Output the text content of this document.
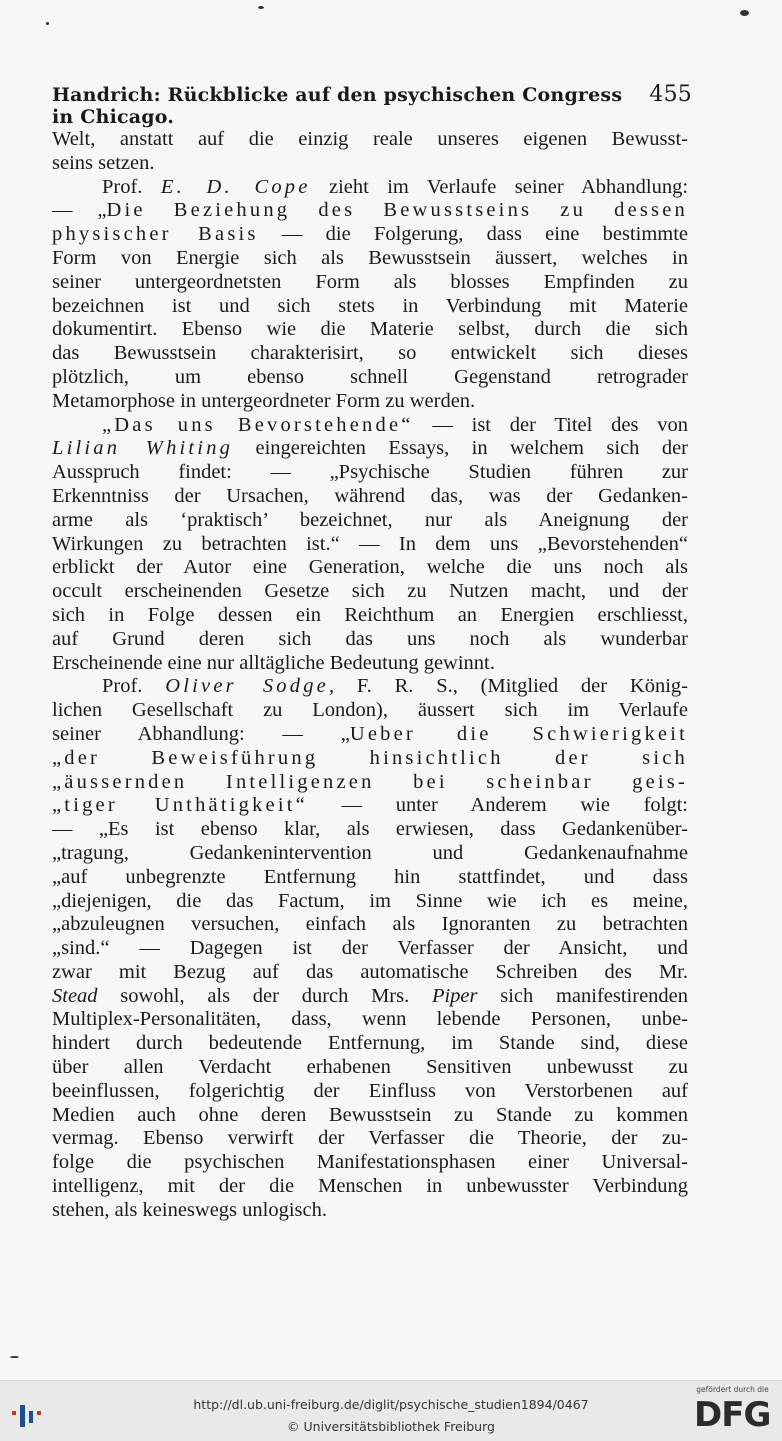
Handrich: Rückblicke auf den psychischen Congress in Chicago.
455
Welt, anstatt auf die einzig reale unseres eigenen Bewusst-
seins setzen.
Prof. E. D. Cope zieht im Verlaufe seiner Abhandlung:
— „Die Beziehung des Bewusstseins zu dessen
physischer Basis — die Folgerung, dass eine bestimmte
Form von Energie sich als Bewusstsein äussert, welches in
seiner untergeordnetsten Form als blosses Empfinden zu
bezeichnen ist und sich stets in Verbindung mit Materie
dokumentirt. Ebenso wie die Materie selbst, durch die sich
das Bewusstsein charakterisirt, so entwickelt sich dieses
plötzlich, um ebenso schnell Gegenstand retrograder
Metamorphose in untergeordneter Form zu werden.
„Das uns Bevorstehende“ — ist der Titel des von
Lilian Whiting eingereichten Essays, in welchem sich der
Ausspruch findet: — „Psychische Studien führen zur
Erkenntniss der Ursachen, während das, was der Gedanken-
arme als ‘praktisch’ bezeichnet, nur als Aneignung der
Wirkungen zu betrachten ist.“ — In dem uns „Bevorstehenden“
erblickt der Autor eine Generation, welche die uns noch als
occult erscheinenden Gesetze sich zu Nutzen macht, und der
sich in Folge dessen ein Reichthum an Energien erschliesst,
auf Grund deren sich das uns noch als wunderbar
Erscheinende eine nur alltägliche Bedeutung gewinnt.
Prof. Oliver Sodge, F. R. S., (Mitglied der König-
lichen Gesellschaft zu London), äussert sich im Verlaufe
seiner Abhandlung: — „Ueber die Schwierigkeit
„der Beweisführung hinsichtlich der sich
„äussernden Intelligenzen bei scheinbar geis-
„tiger Unthätigkeit“ — unter Anderem wie folgt:
— „Es ist ebenso klar, als erwiesen, dass Gedankenüber-
„tragung, Gedankenintervention und Gedankenaufnahme
„auf unbegrenzte Entfernung hin stattfindet, und dass
„diejenigen, die das Factum, im Sinne wie ich es meine,
„abzuleugnen versuchen, einfach als Ignoranten zu betrachten
„sind.“ — Dagegen ist der Verfasser der Ansicht, und
zwar mit Bezug auf das automatische Schreiben des Mr.
Stead sowohl, als der durch Mrs. Piper sich manifestirenden
Multiplex-Personalitäten, dass, wenn lebende Personen, unbe-
hindert durch bedeutende Entfernung, im Stande sind, diese
über allen Verdacht erhabenen Sensitiven unbewusst zu
beeinflussen, folgerichtig der Einfluss von Verstorbenen auf
Medien auch ohne deren Bewusstsein zu Stande zu kommen
vermag. Ebenso verwirft der Verfasser die Theorie, der zu-
folge die psychischen Manifestationsphasen einer Universal-
intelligenz, mit der die Menschen in unbewusster Verbindung
stehen, als keineswegs unlogisch.
http://dl.ub.uni-freiburg.de/diglit/psychische_studien1894/0467
© Universitätsbibliothek Freiburg
gefördert durch die
DFG
